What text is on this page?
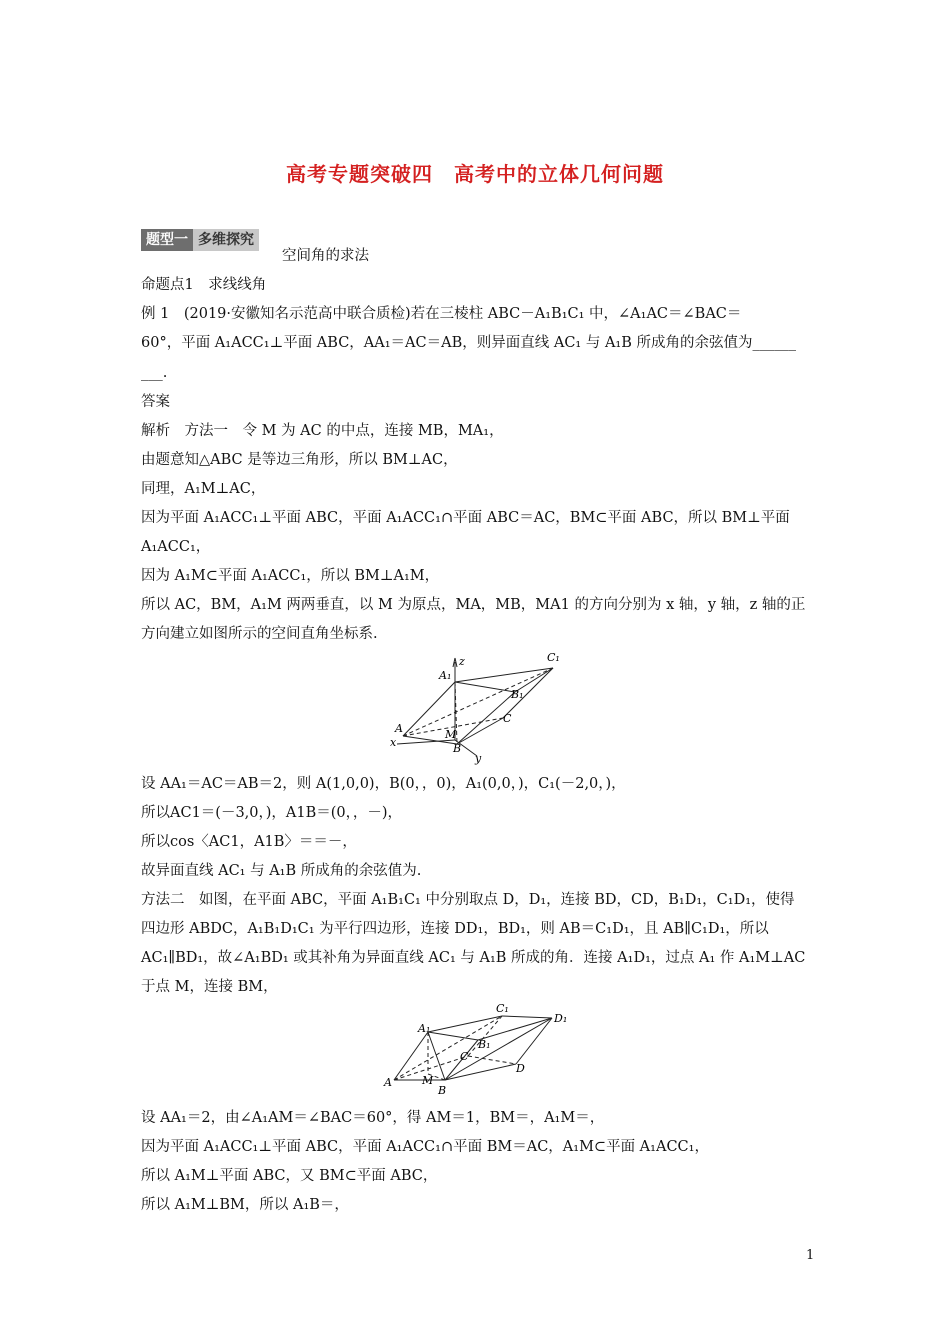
高考专题突破四　高考中的立体几何问题
题型一 多维探究
空间角的求法
命题点1　求线线角
例 1　(2019·安徽知名示范高中联合质检)若在三棱柱 ABC－A₁B₁C₁ 中，∠A₁AC＝∠BAC＝
60°，平面 A₁ACC₁⊥平面 ABC，AA₁＝AC＝AB，则异面直线 AC₁ 与 A₁B 所成角的余弦值为______
___.
答案
解析　方法一　令 M 为 AC 的中点，连接 MB，MA₁，
由题意知△ABC 是等边三角形，所以 BM⊥AC，
同理，A₁M⊥AC，
因为平面 A₁ACC₁⊥平面 ABC，平面 A₁ACC₁∩平面 ABC＝AC，BM⊂平面 ABC，所以 BM⊥平面
A₁ACC₁，
因为 A₁M⊂平面 A₁ACC₁，所以 BM⊥A₁M，
所以 AC，BM，A₁M 两两垂直，以 M 为原点，MA，MB，MA1 的方向分别为 x 轴，y 轴，z 轴的正
方向建立如图所示的空间直角坐标系.
z	C₁
A₁
B₁
C
A	M
x	B
y
设 AA₁＝AC＝AB＝2，则 A(1,0,0)，B(0，，0)，A₁(0,0，)，C₁(－2,0，)，
所以AC1＝(－3,0，)，A1B＝(0，，－)，
所以cos〈AC1，A1B〉＝＝－，
故异面直线 AC₁ 与 A₁B 所成角的余弦值为.
方法二　如图，在平面 ABC，平面 A₁B₁C₁ 中分别取点 D，D₁，连接 BD，CD，B₁D₁，C₁D₁，使得
四边形 ABDC，A₁B₁D₁C₁ 为平行四边形，连接 DD₁，BD₁，则 AB＝C₁D₁，且 AB∥C₁D₁，所以
AC₁∥BD₁，故∠A₁BD₁ 或其补角为异面直线 AC₁ 与 A₁B 所成的角．连接 A₁D₁，过点 A₁ 作 A₁M⊥AC
于点 M，连接 BM，
C₁
D₁
A₁
B₁
C
D
A	M
B
设 AA₁＝2，由∠A₁AM＝∠BAC＝60°，得 AM＝1，BM＝，A₁M＝，
因为平面 A₁ACC₁⊥平面 ABC，平面 A₁ACC₁∩平面 BM＝AC，A₁M⊂平面 A₁ACC₁，
所以 A₁M⊥平面 ABC，又 BM⊂平面 ABC，
所以 A₁M⊥BM，所以 A₁B＝，
1
